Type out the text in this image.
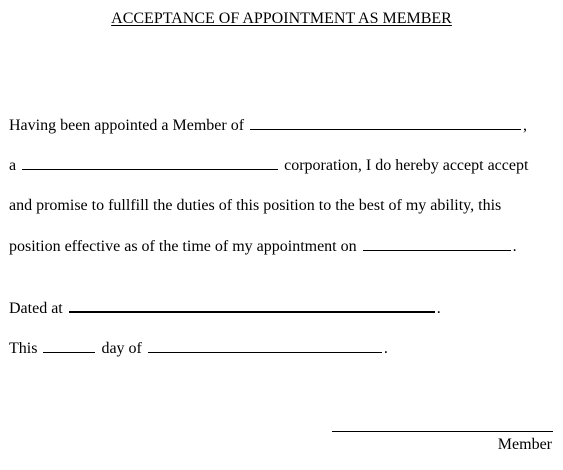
ACCEPTANCE OF APPOINTMENT AS MEMBER
Having been appointed a Member of	,
a	corporation, I do hereby accept accept
and promise to fullfill the duties of this position to the best of my ability, this
position effective as of the time of my appointment on	.
Dated at	.
This	day of	.
Member
